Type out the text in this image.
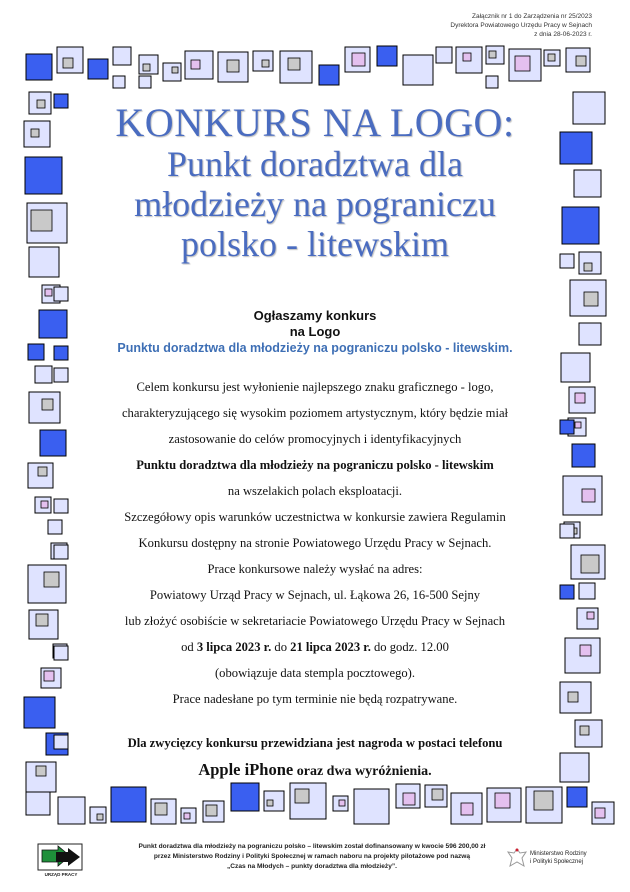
Załącznik nr 1 do Zarządzenia nr 25/2023
Dyrektora Powiatowego Urzędu Pracy w Sejnach
z dnia 28-06-2023 r.
KONKURS NA LOGO:
Punkt doradztwa dla
młodzieży na pograniczu
polsko - litewskim
Ogłaszamy konkurs
na Logo
Punktu doradztwa dla młodzieży na pograniczu polsko - litewskim.
Celem konkursu jest wyłonienie najlepszego znaku graficznego - logo,
charakteryzującego się wysokim poziomem artystycznym, który będzie miał
zastosowanie do celów promocyjnych i identyfikacyjnych
Punktu doradztwa dla młodzieży na pograniczu polsko - litewskim
na wszelakich polach eksploatacji.
Szczegółowy opis warunków uczestnictwa w konkursie zawiera Regulamin
Konkursu dostępny na stronie Powiatowego Urzędu Pracy w Sejnach.
Prace konkursowe należy wysłać na adres:
Powiatowy Urząd Pracy w Sejnach, ul. Łąkowa 26, 16-500 Sejny
lub złożyć osobiście w sekretariacie Powiatowego Urzędu Pracy w Sejnach
od 3 lipca 2023 r. do 21 lipca 2023 r. do godz. 12.00
(obowiązuje data stempla pocztowego).
Prace nadesłane po tym terminie nie będą rozpatrywane.
Dla zwycięzcy konkursu przewidziana jest nagroda w postaci telefonu
Apple iPhone oraz dwa wyróżnienia.
URZĄD PRACY
Punkt doradztwa dla młodzieży na pograniczu polsko – litewskim został dofinansowany w kwocie 596 200,00 zł
przez Ministerstwo Rodziny i Polityki Społecznej w ramach naboru na projekty pilotażowe pod nazwą
„Czas na Młodych – punkty doradztwa dla młodzieży”.
Ministerstwo Rodziny
i Polityki Społecznej
